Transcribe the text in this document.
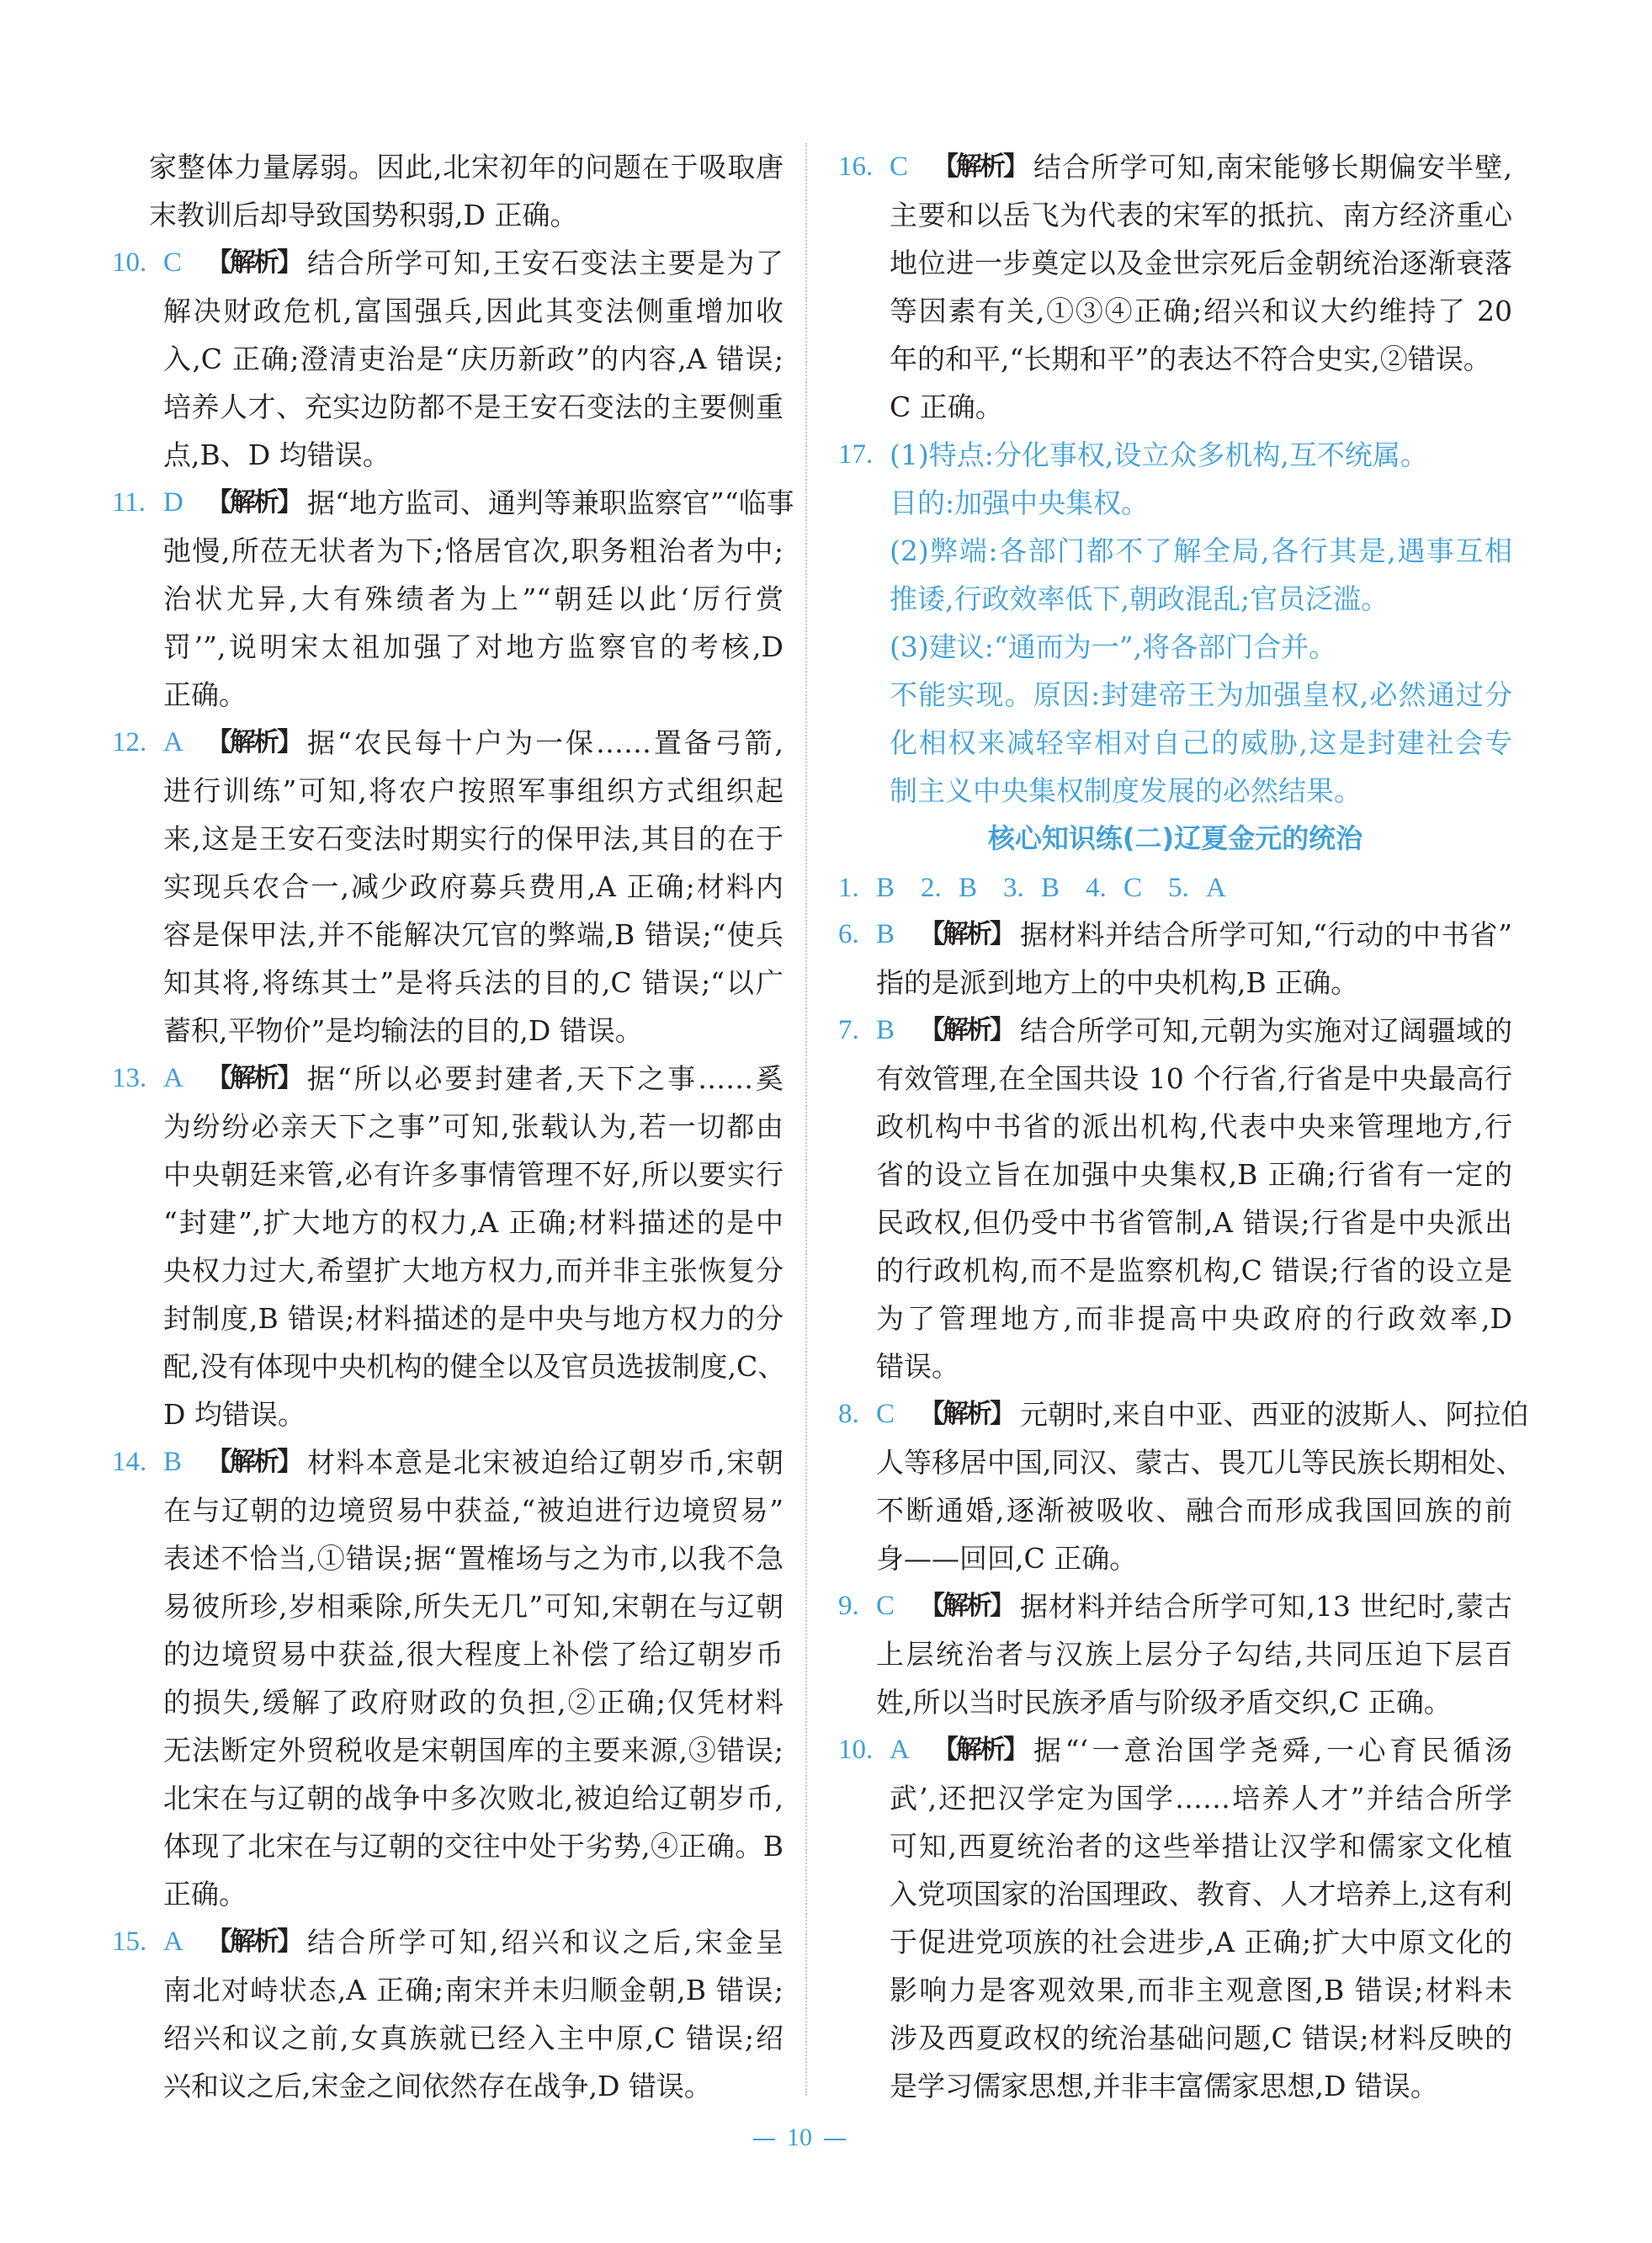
家整体力量孱弱。因此,北宋初年的问题在于吸取唐
末教训后却导致国势积弱,D 正确。
10. C 【解析】 结合所学可知,王安石变法主要是为了
解决财政危机,富国强兵,因此其变法侧重增加收
入,C 正确;澄清吏治是“庆历新政”的内容,A 错误;
培养人才、充实边防都不是王安石变法的主要侧重
点,B、D 均错误。
11. D 【解析】 据“地方监司、通判等兼职监察官”“临事
弛慢,所莅无状者为下;恪居官次,职务粗治者为中;
治状尤异,大有殊绩者为上”“朝廷以此‘厉行赏
罚’”,说明宋太祖加强了对地方监察官的考核,D
正确。
12. A 【解析】 据“农民每十户为一保……置备弓箭,
进行训练”可知,将农户按照军事组织方式组织起
来,这是王安石变法时期实行的保甲法,其目的在于
实现兵农合一,减少政府募兵费用,A 正确;材料内
容是保甲法,并不能解决冗官的弊端,B 错误;“使兵
知其将,将练其士”是将兵法的目的,C 错误;“以广
蓄积,平物价”是均输法的目的,D 错误。
13. A 【解析】 据“所以必要封建者,天下之事……奚
为纷纷必亲天下之事”可知,张载认为,若一切都由
中央朝廷来管,必有许多事情管理不好,所以要实行
“封建”,扩大地方的权力,A 正确;材料描述的是中
央权力过大,希望扩大地方权力,而并非主张恢复分
封制度,B 错误;材料描述的是中央与地方权力的分
配,没有体现中央机构的健全以及官员选拔制度,C、
D 均错误。
14. B 【解析】 材料本意是北宋被迫给辽朝岁币,宋朝
在与辽朝的边境贸易中获益,“被迫进行边境贸易”
表述不恰当,①错误;据“置榷场与之为市,以我不急
易彼所珍,岁相乘除,所失无几”可知,宋朝在与辽朝
的边境贸易中获益,很大程度上补偿了给辽朝岁币
的损失,缓解了政府财政的负担,②正确;仅凭材料
无法断定外贸税收是宋朝国库的主要来源,③错误;
北宋在与辽朝的战争中多次败北,被迫给辽朝岁币,
体现了北宋在与辽朝的交往中处于劣势,④正确。B
正确。
15. A 【解析】 结合所学可知,绍兴和议之后,宋金呈
南北对峙状态,A 正确;南宋并未归顺金朝,B 错误;
绍兴和议之前,女真族就已经入主中原,C 错误;绍
兴和议之后,宋金之间依然存在战争,D 错误。
16. C 【解析】 结合所学可知,南宋能够长期偏安半壁,
主要和以岳飞为代表的宋军的抵抗、南方经济重心
地位进一步奠定以及金世宗死后金朝统治逐渐衰落
等因素有关,①③④正确;绍兴和议大约维持了 20
年的和平,“长期和平”的表达不符合史实,②错误。
C 正确。
17. (1)特点:分化事权,设立众多机构,互不统属。
目的:加强中央集权。
(2)弊端:各部门都不了解全局,各行其是,遇事互相
推诿,行政效率低下,朝政混乱;官员泛滥。
(3)建议:“通而为一”,将各部门合并。
不能实现。原因:封建帝王为加强皇权,必然通过分
化相权来减轻宰相对自己的威胁,这是封建社会专
制主义中央集权制度发展的必然结果。
核心知识练(二)辽夏金元的统治
1. B 2. B 3. B 4. C 5. A
6. B 【解析】 据材料并结合所学可知,“行动的中书省”
指的是派到地方上的中央机构,B 正确。
7. B 【解析】 结合所学可知,元朝为实施对辽阔疆域的
有效管理,在全国共设 10 个行省,行省是中央最高行
政机构中书省的派出机构,代表中央来管理地方,行
省的设立旨在加强中央集权,B 正确;行省有一定的
民政权,但仍受中书省管制,A 错误;行省是中央派出
的行政机构,而不是监察机构,C 错误;行省的设立是
为了管理地方,而非提高中央政府的行政效率,D
错误。
8. C 【解析】 元朝时,来自中亚、西亚的波斯人、阿拉伯
人等移居中国,同汉、蒙古、畏兀儿等民族长期相处、
不断通婚,逐渐被吸收、融合而形成我国回族的前
身——回回,C 正确。
9. C 【解析】 据材料并结合所学可知,13 世纪时,蒙古
上层统治者与汉族上层分子勾结,共同压迫下层百
姓,所以当时民族矛盾与阶级矛盾交织,C 正确。
10. A 【解析】 据“‘一意治国学尧舜,一心育民循汤
武’,还把汉学定为国学……培养人才”并结合所学
可知,西夏统治者的这些举措让汉学和儒家文化植
入党项国家的治国理政、教育、人才培养上,这有利
于促进党项族的社会进步,A 正确;扩大中原文化的
影响力是客观效果,而非主观意图,B 错误;材料未
涉及西夏政权的统治基础问题,C 错误;材料反映的
是学习儒家思想,并非丰富儒家思想,D 错误。
10
